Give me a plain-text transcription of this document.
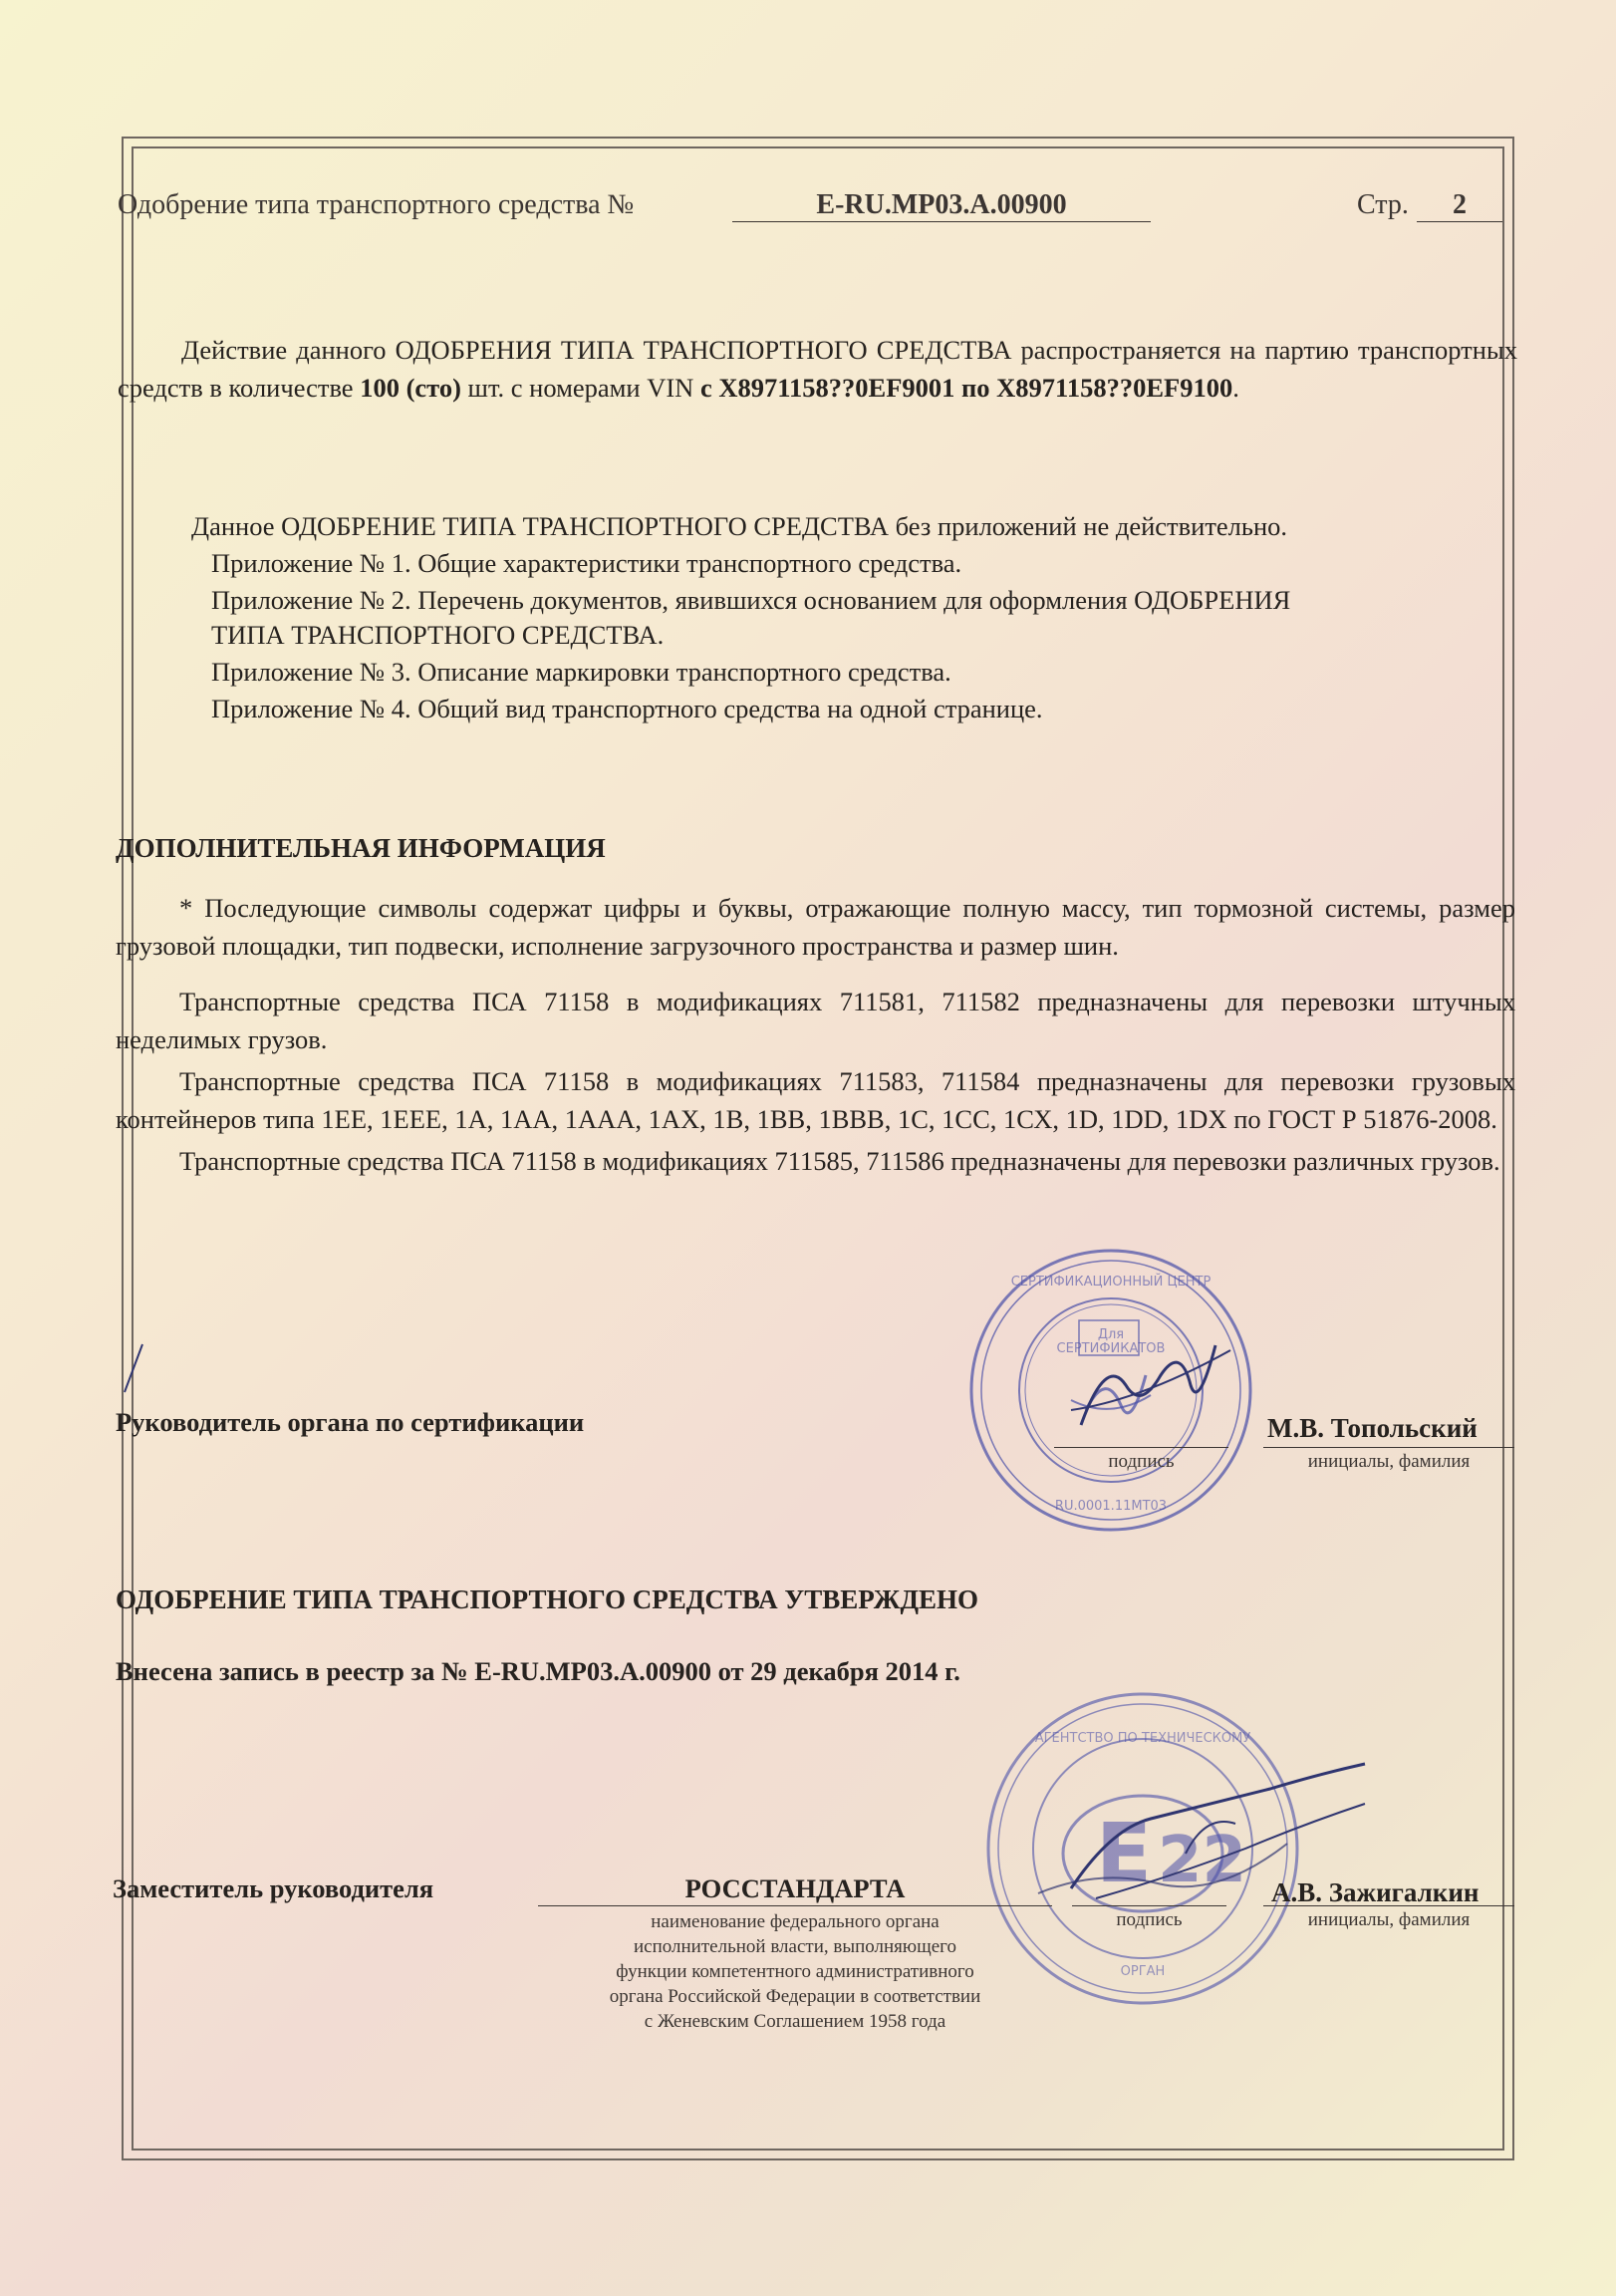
Одобрение типа транспортного средства №	E-RU.MP03.A.00900	Стр.	2

Действие данного ОДОБРЕНИЯ ТИПА ТРАНСПОРТНОГО СРЕДСТВА распространяется на партию транспортных средств в количестве 100 (сто) шт. с номерами VIN с X8971158??0EF9001 по X8971158??0EF9100.

Данное ОДОБРЕНИЕ ТИПА ТРАНСПОРТНОГО СРЕДСТВА без приложений не действительно.
Приложение № 1. Общие характеристики транспортного средства.
Приложение № 2. Перечень документов, явившихся основанием для оформления ОДОБРЕНИЯ
ТИПА ТРАНСПОРТНОГО СРЕДСТВА.
Приложение № 3. Описание маркировки транспортного средства.
Приложение № 4. Общий вид транспортного средства на одной странице.
ДОПОЛНИТЕЛЬНАЯ ИНФОРМАЦИЯ

* Последующие символы содержат цифры и буквы, отражающие полную массу, тип тормозной системы, размер грузовой площадки, тип подвески, исполнение загрузочного пространства и размер шин.

Транспортные средства ПСА 71158 в модификациях 711581, 711582 предназначены для перевозки штучных неделимых грузов.

Транспортные средства ПСА 71158 в модификациях 711583, 711584 предназначены для перевозки грузовых контейнеров типа 1ЕЕ, 1ЕЕЕ, 1А, 1АА, 1ААА, 1АХ, 1В, 1ВВ, 1ВВВ, 1С, 1СС, 1СХ, 1D, 1DD, 1DX по ГОСТ Р 51876-2008.

Транспортные средства ПСА 71158 в модификациях 711585, 711586 предназначены для перевозки различных грузов.

СЕРТИФИКАЦИОННЫЙ ЦЕНТР
Для
СЕРТИФИКАТОВ
RU.0001.11МТ03
Руководитель органа по сертификации
подпись
М.В. Топольский
инициалы, фамилия
ОДОБРЕНИЕ ТИПА ТРАНСПОРТНОГО СРЕДСТВА УТВЕРЖДЕНО
Внесена запись в реестр за № E-RU.MP03.A.00900 от 29 декабря 2014 г.
E 22
АГЕНТСТВО ПО ТЕХНИЧЕСКОМУ
ОРГАН
Заместитель руководителя	РОССТАНДАРТА
наименование федерального органа
исполнительной власти, выполняющего
функции компетентного административного
органа Российской Федерации в соответствии
с Женевским Соглашением 1958 года
подпись
А.В. Зажигалкин
инициалы, фамилия
